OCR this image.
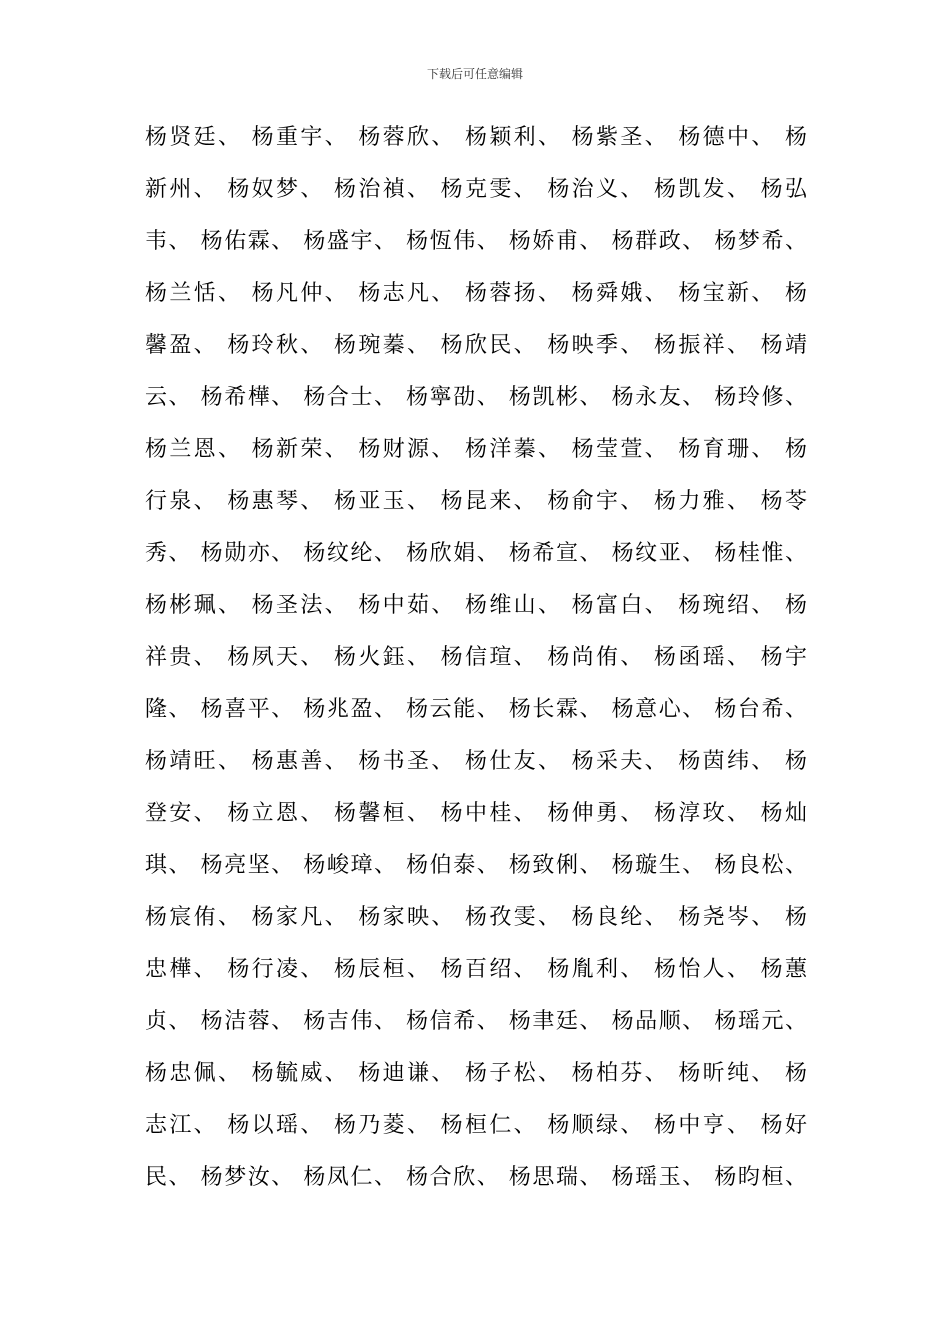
下载后可任意编辑
杨贤廷、 杨重宇、 杨蓉欣、 杨颖利、 杨紫圣、 杨德中、 杨
新州、 杨奴梦、 杨治禎、 杨克雯、 杨治义、 杨凯发、 杨弘
韦、 杨佑霖、 杨盛宇、 杨恆伟、 杨娇甫、 杨群政、 杨梦希、
杨兰恬、 杨凡仲、 杨志凡、 杨蓉扬、 杨舜娥、 杨宝新、 杨
馨盈、 杨玲秋、 杨琬蓁、 杨欣民、 杨映季、 杨振祥、 杨靖
云、 杨希樺、 杨合士、 杨寧劭、 杨凯彬、 杨永友、 杨玲修、
杨兰恩、 杨新荣、 杨财源、 杨洋蓁、 杨莹萱、 杨育珊、 杨
行泉、 杨惠琴、 杨亚玉、 杨昆来、 杨俞宇、 杨力雅、 杨苓
秀、 杨勋亦、 杨纹纶、 杨欣娟、 杨希宣、 杨纹亚、 杨桂惟、
杨彬珮、 杨圣法、 杨中茹、 杨维山、 杨富白、 杨琬绍、 杨
祥贵、 杨夙天、 杨火鈺、 杨信瑄、 杨尚侑、 杨函瑶、 杨宇
隆、 杨喜平、 杨兆盈、 杨云能、 杨长霖、 杨意心、 杨台希、
杨靖旺、 杨惠善、 杨书圣、 杨仕友、 杨采夫、 杨茵纬、 杨
登安、 杨立恩、 杨馨桓、 杨中桂、 杨伸勇、 杨淳玫、 杨灿
琪、 杨亮坚、 杨峻璋、 杨伯泰、 杨致俐、 杨璇生、 杨良松、
杨宸侑、 杨家凡、 杨家映、 杨孜雯、 杨良纶、 杨尧岑、 杨
忠樺、 杨行凌、 杨辰桓、 杨百绍、 杨胤利、 杨怡人、 杨蕙
贞、 杨洁蓉、 杨吉伟、 杨信希、 杨聿廷、 杨品顺、 杨瑶元、
杨忠佩、 杨毓威、 杨迪谦、 杨子松、 杨柏芬、 杨昕纯、 杨
志江、 杨以瑶、 杨乃菱、 杨桓仁、 杨顺绿、 杨中亨、 杨好
民、 杨梦汝、 杨凤仁、 杨合欣、 杨思瑞、 杨瑶玉、 杨昀桓、
